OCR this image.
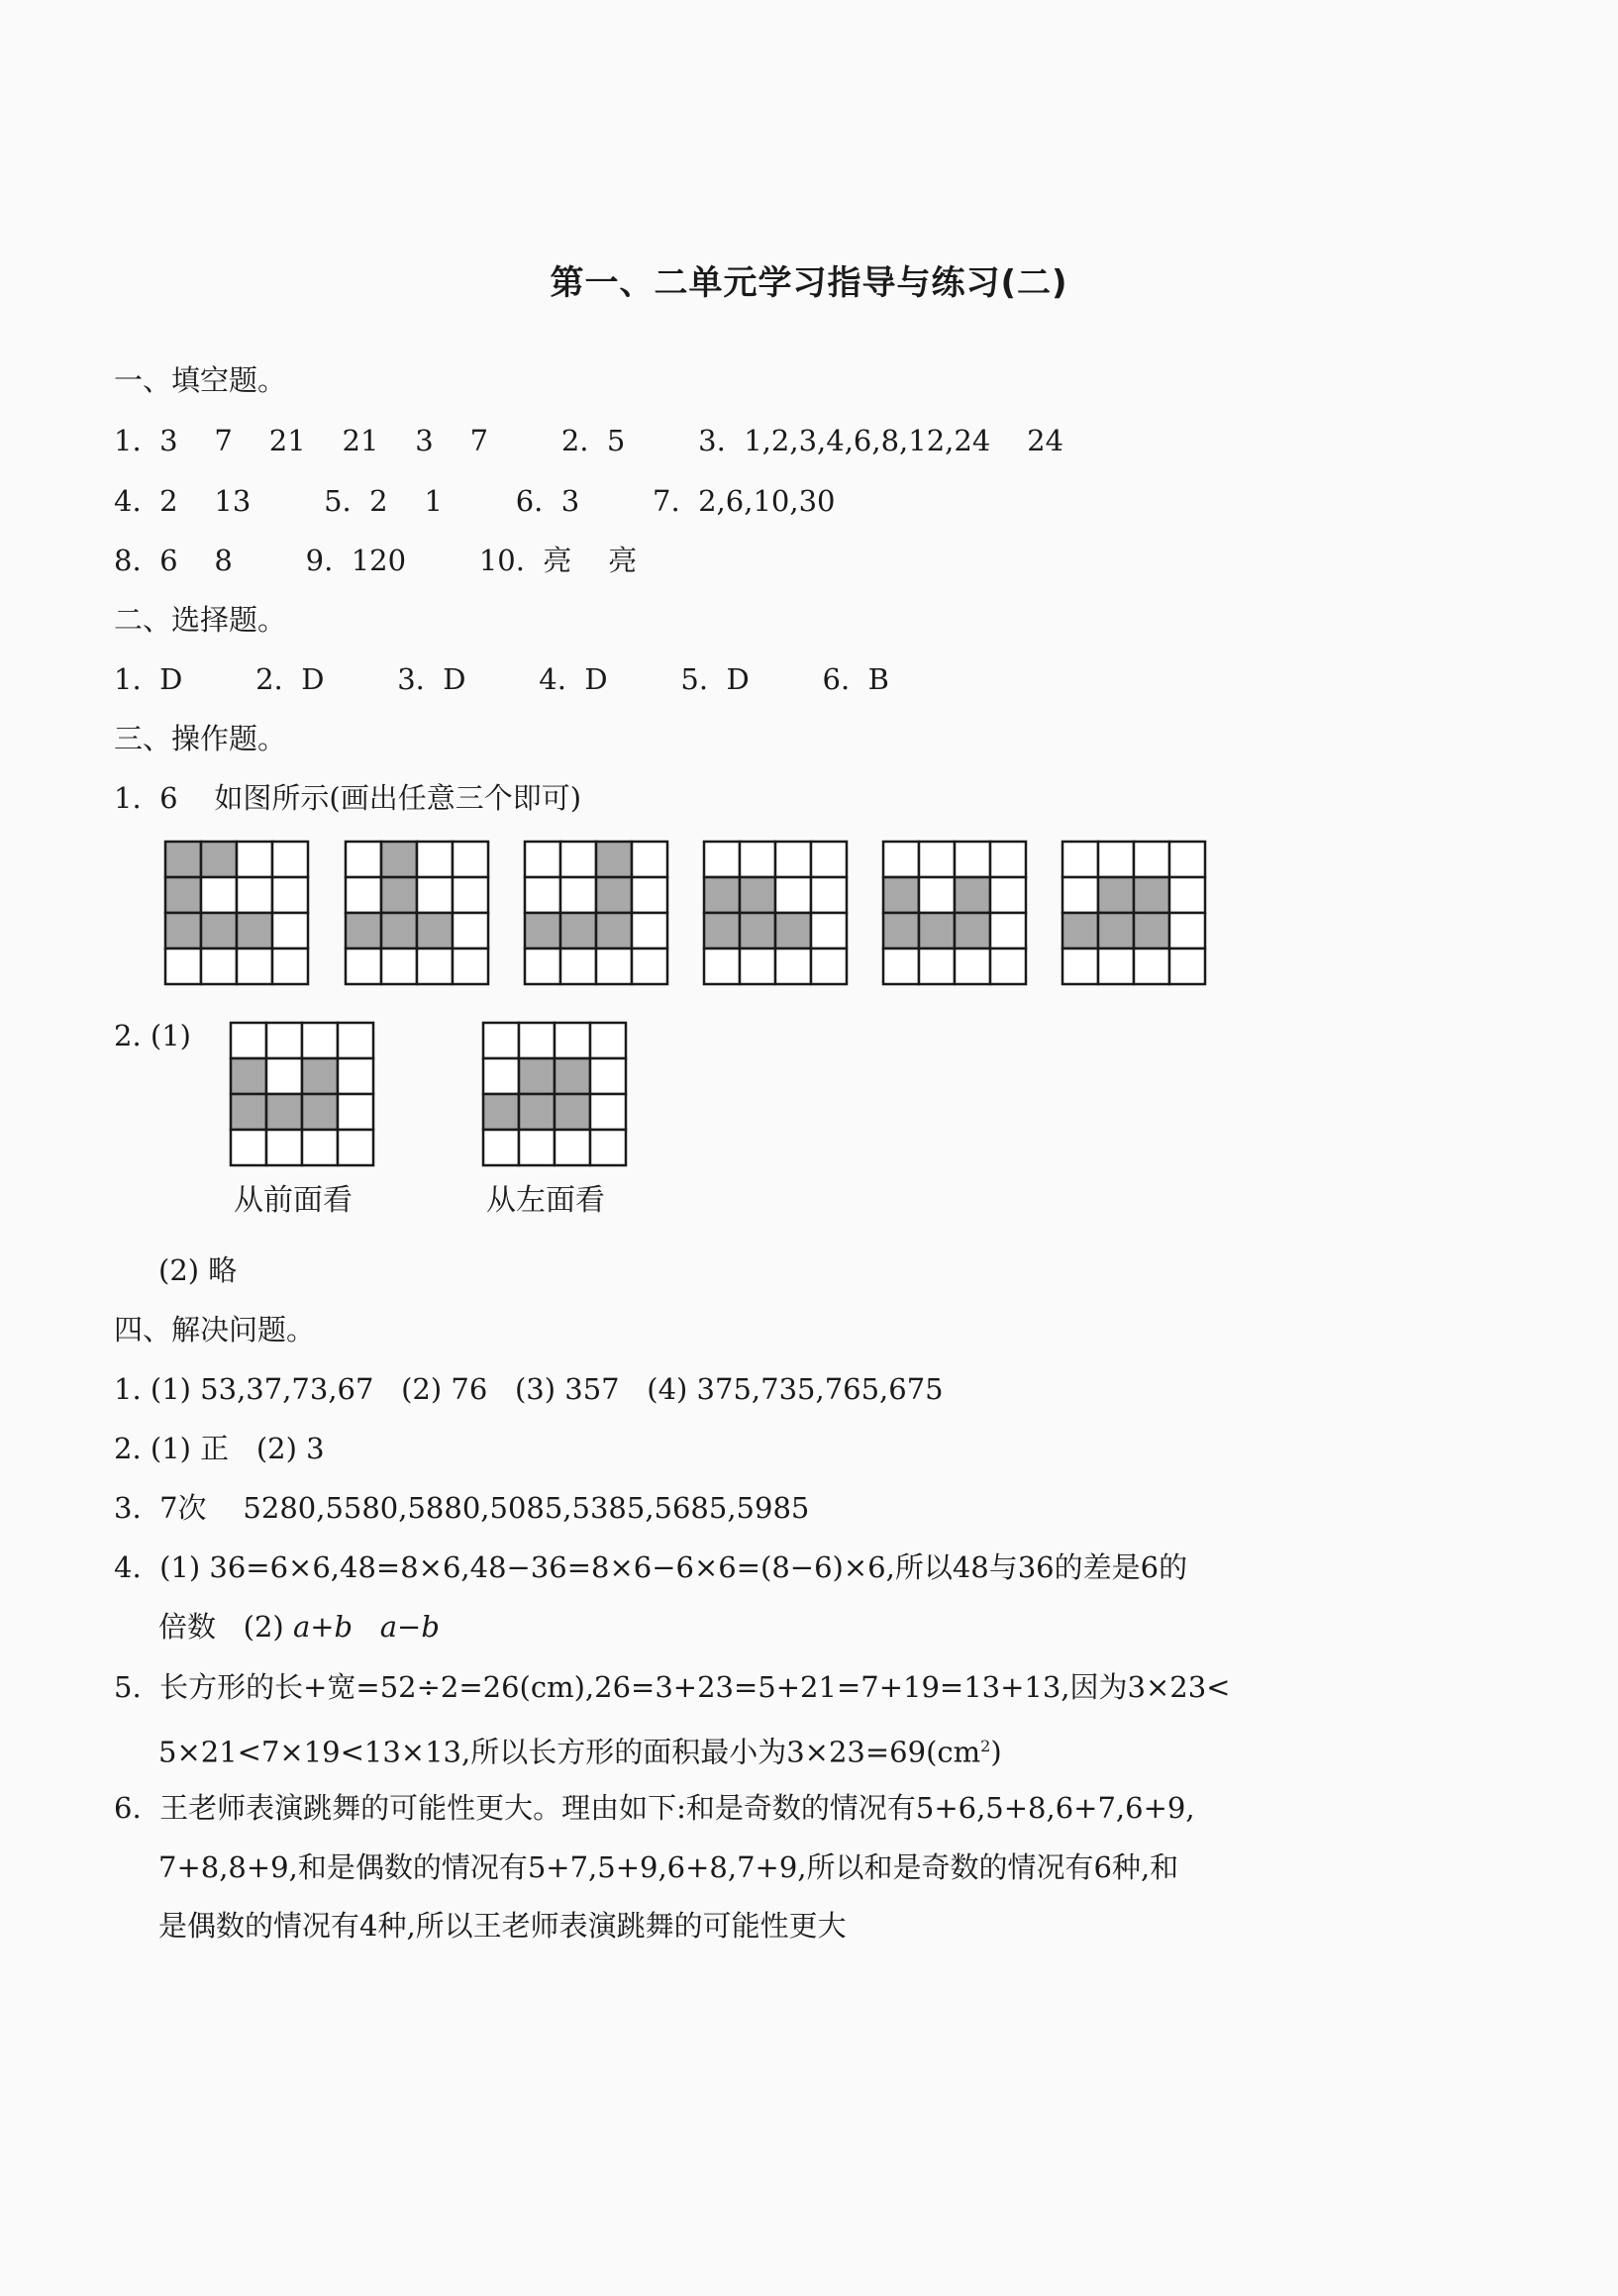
第一、二单元学习指导与练习(二)
一、填空题。
1.  3    7    21    21    3    7        2.  5        3.  1,2,3,4,6,8,12,24    24
4.  2    13        5.  2    1        6.  3        7.  2,6,10,30
8.  6    8        9.  120        10.  亮    亮
二、选择题。
1.  D        2.  D        3.  D        4.  D        5.  D        6.  B
三、操作题。
1.  6    如图所示(画出任意三个即可)
2. (1)
从前面看	从左面看
(2) 略
四、解决问题。
1. (1) 53,37,73,67   (2) 76   (3) 357   (4) 375,735,765,675
2. (1) 正   (2) 3
3.  7次    5280,5580,5880,5085,5385,5685,5985
4.  (1) 36=6×6,48=8×6,48−36=8×6−6×6=(8−6)×6,所以48与36的差是6的
倍数   (2) a+b a−b
5.  长方形的长+宽=52÷2=26(cm),26=3+23=5+21=7+19=13+13,因为3×23<
5×21<7×19<13×13,所以长方形的面积最小为$3\times 23=69(cm^2)$
6.  王老师表演跳舞的可能性更大。理由如下:和是奇数的情况有5+6,5+8,6+7,6+9,
7+8,8+9,和是偶数的情况有5+7,5+9,6+8,7+9,所以和是奇数的情况有6种,和
是偶数的情况有4种,所以王老师表演跳舞的可能性更大
